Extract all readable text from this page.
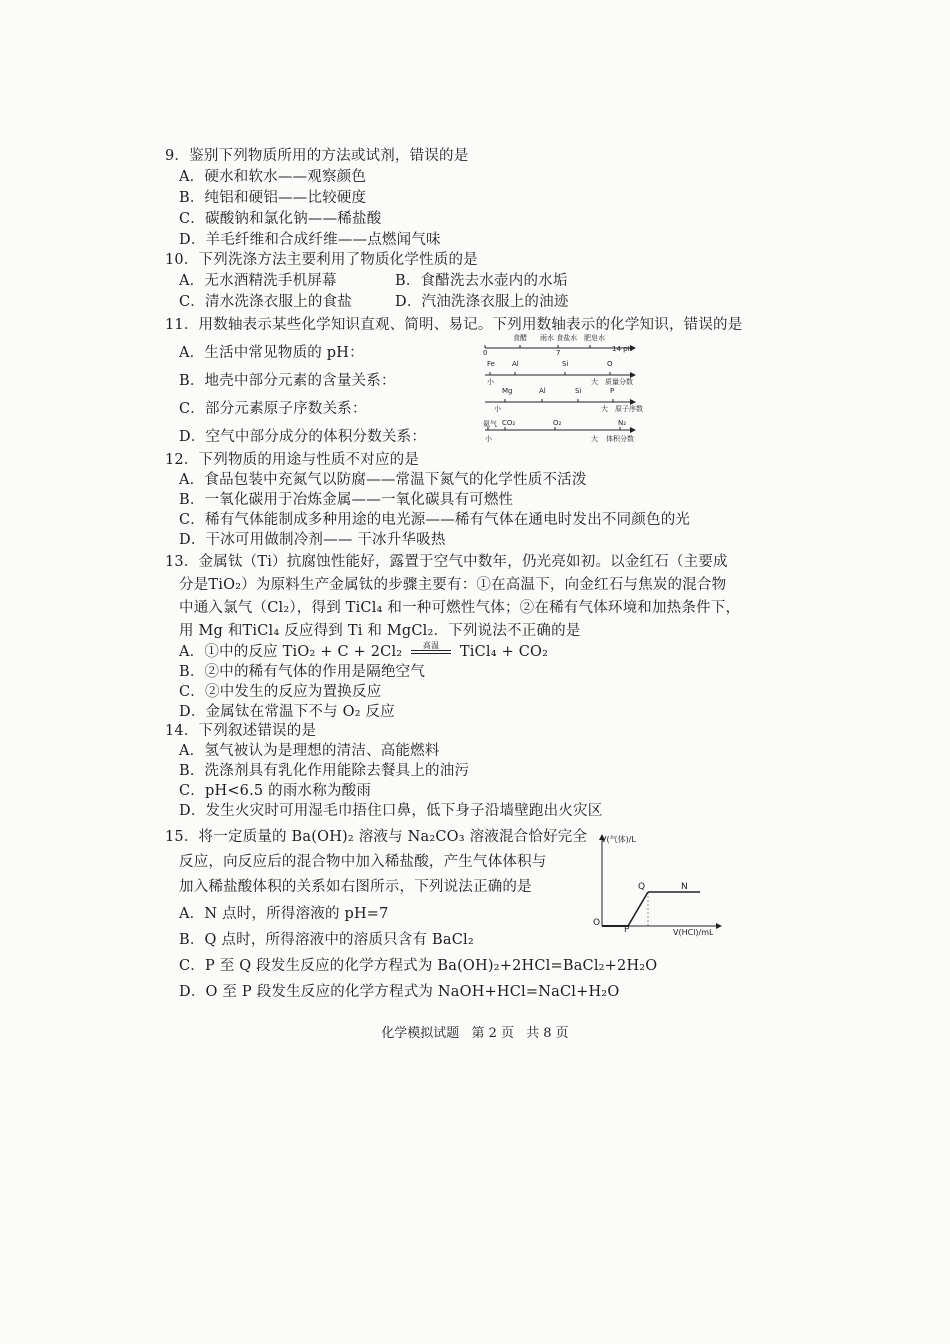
9．鉴别下列物质所用的方法或试剂，错误的是
A．硬水和软水——观察颜色
B．纯铝和硬铝——比较硬度
C．碳酸钠和氯化钠——稀盐酸
D．羊毛纤维和合成纤维——点燃闻气味
10．下列洗涤方法主要利用了物质化学性质的是
A．无水酒精洗手机屏幕	B．食醋洗去水壶内的水垢
C．清水洗涤衣服上的食盐	D．汽油洗涤衣服上的油迹
11．用数轴表示某些化学知识直观、简明、易记。下列用数轴表示的化学知识，错误的是
A．生活中常见物质的 pH：
B．地壳中部分元素的含量关系：
C．部分元素原子序数关系：
D．空气中部分成分的体积分数关系：
食醋 雨水 食盐水 肥皂水
0	7	14 pH
Fe Al	Si	O
小	大 质量分数
Mg	Al	Si	P
小	大 原子序数
氦气 CO₂	O₂	N₂
小	大 体积分数
12．下列物质的用途与性质不对应的是
A．食品包装中充氮气以防腐——常温下氮气的化学性质不活泼
B．一氧化碳用于冶炼金属——一氧化碳具有可燃性
C．稀有气体能制成多种用途的电光源——稀有气体在通电时发出不同颜色的光
D．干冰可用做制冷剂—— 干冰升华吸热
13．金属钛（Ti）抗腐蚀性能好，露置于空气中数年，仍光亮如初。以金红石（主要成
分是TiO₂）为原料生产金属钛的步骤主要有：①在高温下，向金红石与焦炭的混合物
中通入氯气（Cl₂），得到 TiCl₄ 和一种可燃性气体；②在稀有气体环境和加热条件下，
用 Mg 和TiCl₄ 反应得到 Ti 和 MgCl₂．下列说法不正确的是
A．①中的反应 TiO₂ + C + 2Cl₂	高温	TiCl₄ + CO₂
B．②中的稀有气体的作用是隔绝空气
C．②中发生的反应为置换反应
D．金属钛在常温下不与 O₂ 反应
14．下列叙述错误的是
A．氢气被认为是理想的清洁、高能燃料
B．洗涤剂具有乳化作用能除去餐具上的油污
C．pH<6.5 的雨水称为酸雨
D．发生火灾时可用湿毛巾捂住口鼻，低下身子沿墙壁跑出火灾区
15．将一定质量的 Ba(OH)₂ 溶液与 Na₂CO₃ 溶液混合恰好完全
反应，向反应后的混合物中加入稀盐酸，产生气体体积与
加入稀盐酸体积的关系如右图所示，下列说法正确的是
A．N 点时，所得溶液的 pH=7
B．Q 点时，所得溶液中的溶质只含有 BaCl₂
C．P 至 Q 段发生反应的化学方程式为 Ba(OH)₂+2HCl=BaCl₂+2H₂O
D．O 至 P 段发生反应的化学方程式为 NaOH+HCl=NaCl+H₂O
V(气体)/L
V(HCl)/mL
O
P
Q	N
化学模拟试题 第 2 页 共 8 页
